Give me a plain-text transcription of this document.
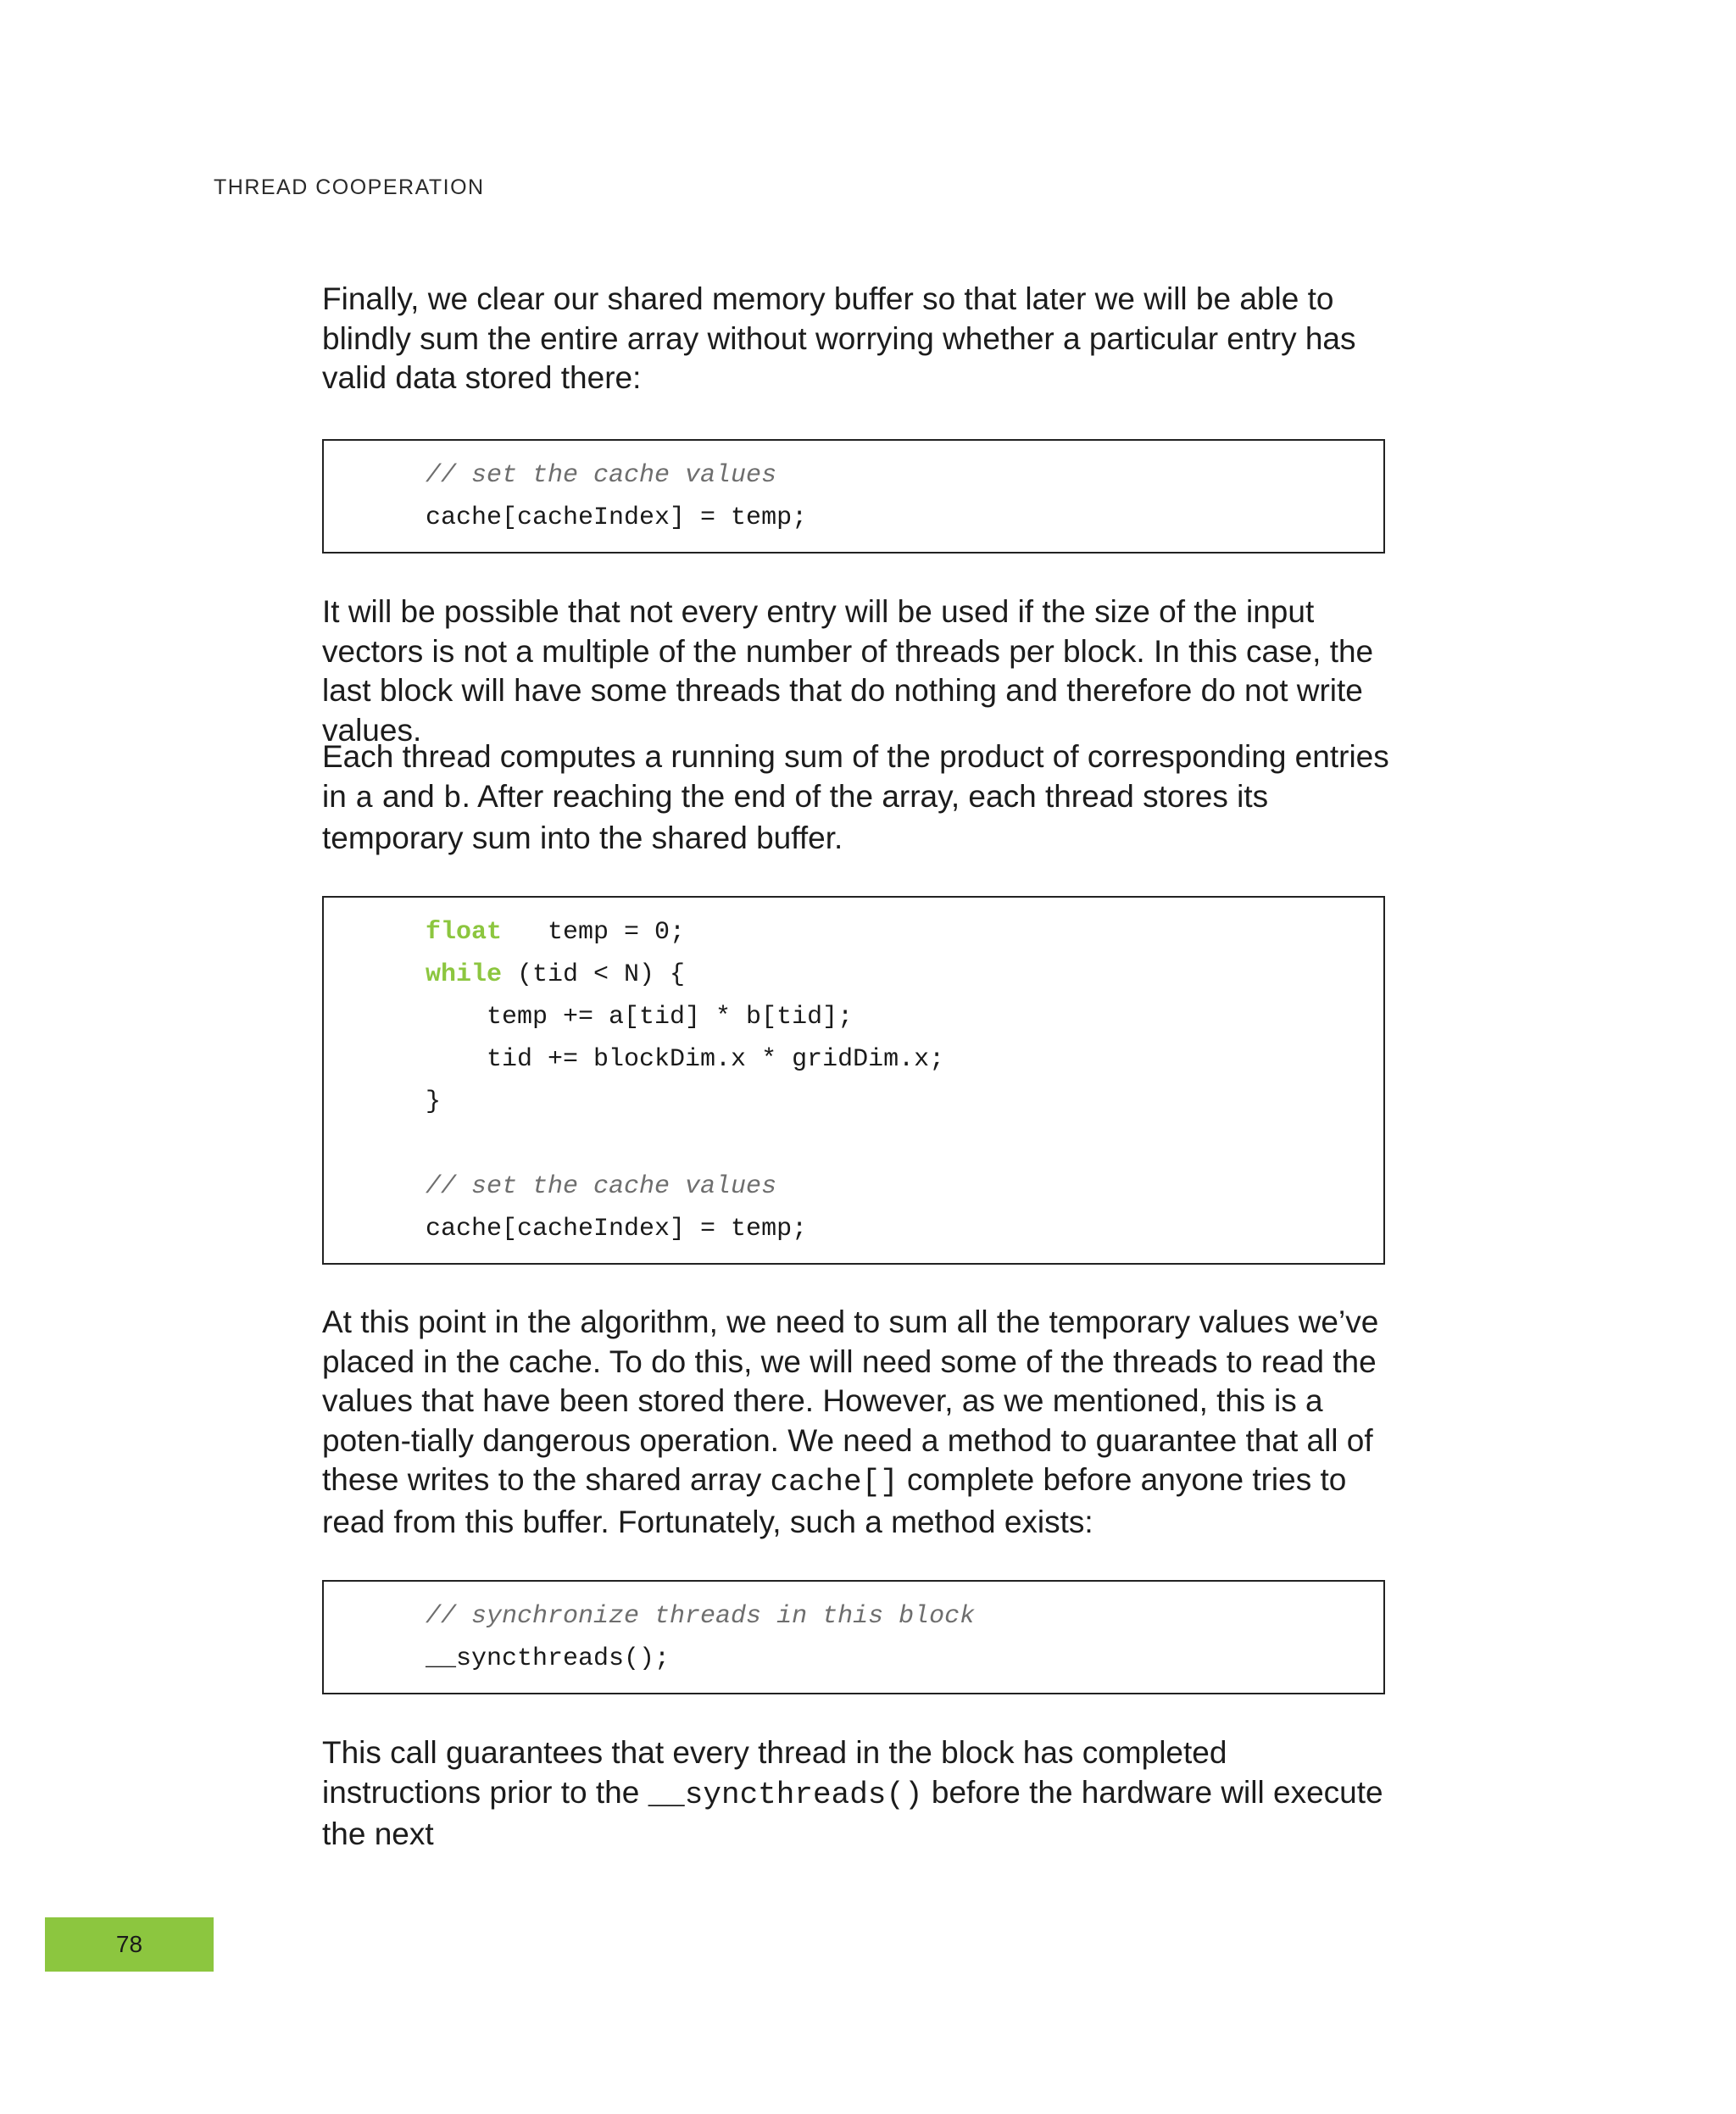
THREAD COOPERATION

Finally, we clear our shared memory buffer so that later we will be able to blindly sum the entire array without worrying whether a particular entry has valid data stored there:

// set the cache values
cache[cacheIndex] = temp;

It will be possible that not every entry will be used if the size of the input vectors is not a multiple of the number of threads per block. In this case, the last block will have some threads that do nothing and therefore do not write values.

Each thread computes a running sum of the product of corresponding entries in a and b. After reaching the end of the array, each thread stores its temporary sum into the shared buffer.

float   temp = 0;
while (tid < N) {
temp += a[tid] * b[tid];
tid += blockDim.x * gridDim.x;
}
// set the cache values
cache[cacheIndex] = temp;

At this point in the algorithm, we need to sum all the temporary values we’ve placed in the cache. To do this, we will need some of the threads to read the values that have been stored there. However, as we mentioned, this is a poten-tially dangerous operation. We need a method to guarantee that all of these writes to the shared array cache[] complete before anyone tries to read from this buffer. Fortunately, such a method exists:

// synchronize threads in this block
__syncthreads();

This call guarantees that every thread in the block has completed instructions prior to the __syncthreads() before the hardware will execute the next

78
